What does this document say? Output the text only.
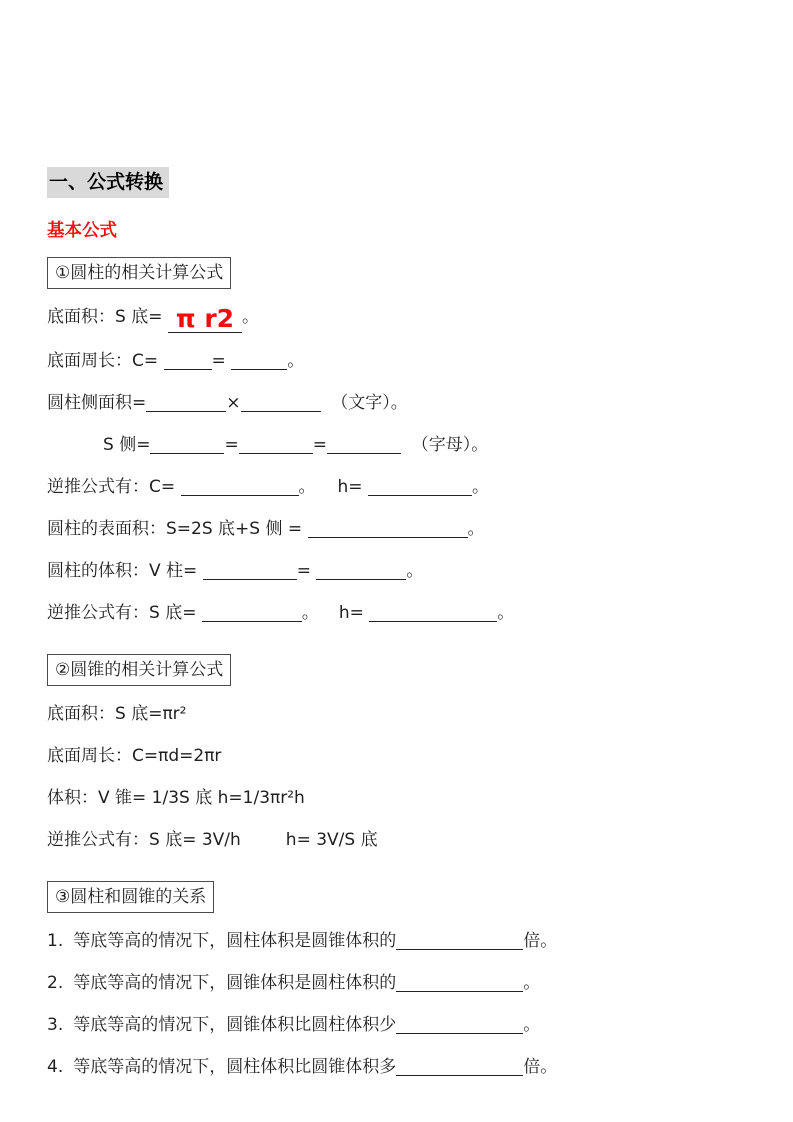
一、公式转换
基本公式
①圆柱的相关计算公式
底面积：S 底= π r2 。
底面周长：C=	=	。
圆柱侧面积=	×	（文字）。
S 侧=	=	=	（字母）。
逆推公式有：C=	。 h=	。
圆柱的表面积：S=2S 底+S 侧 =	。
圆柱的体积：V 柱=	=	。
逆推公式有：S 底=	。 h=	。
②圆锥的相关计算公式
底面积：S 底=πr²
底面周长：C=πd=2πr
体积：V 锥= 1/3S 底 h=1/3πr²h
逆推公式有：S 底= 3V/h	h= 3V/S 底
③圆柱和圆锥的关系
1. 等底等高的情况下，圆柱体积是圆锥体积的	倍。
2. 等底等高的情况下，圆锥体积是圆柱体积的	。
3. 等底等高的情况下，圆锥体积比圆柱体积少	。
4. 等底等高的情况下，圆柱体积比圆锥体积多	倍。
